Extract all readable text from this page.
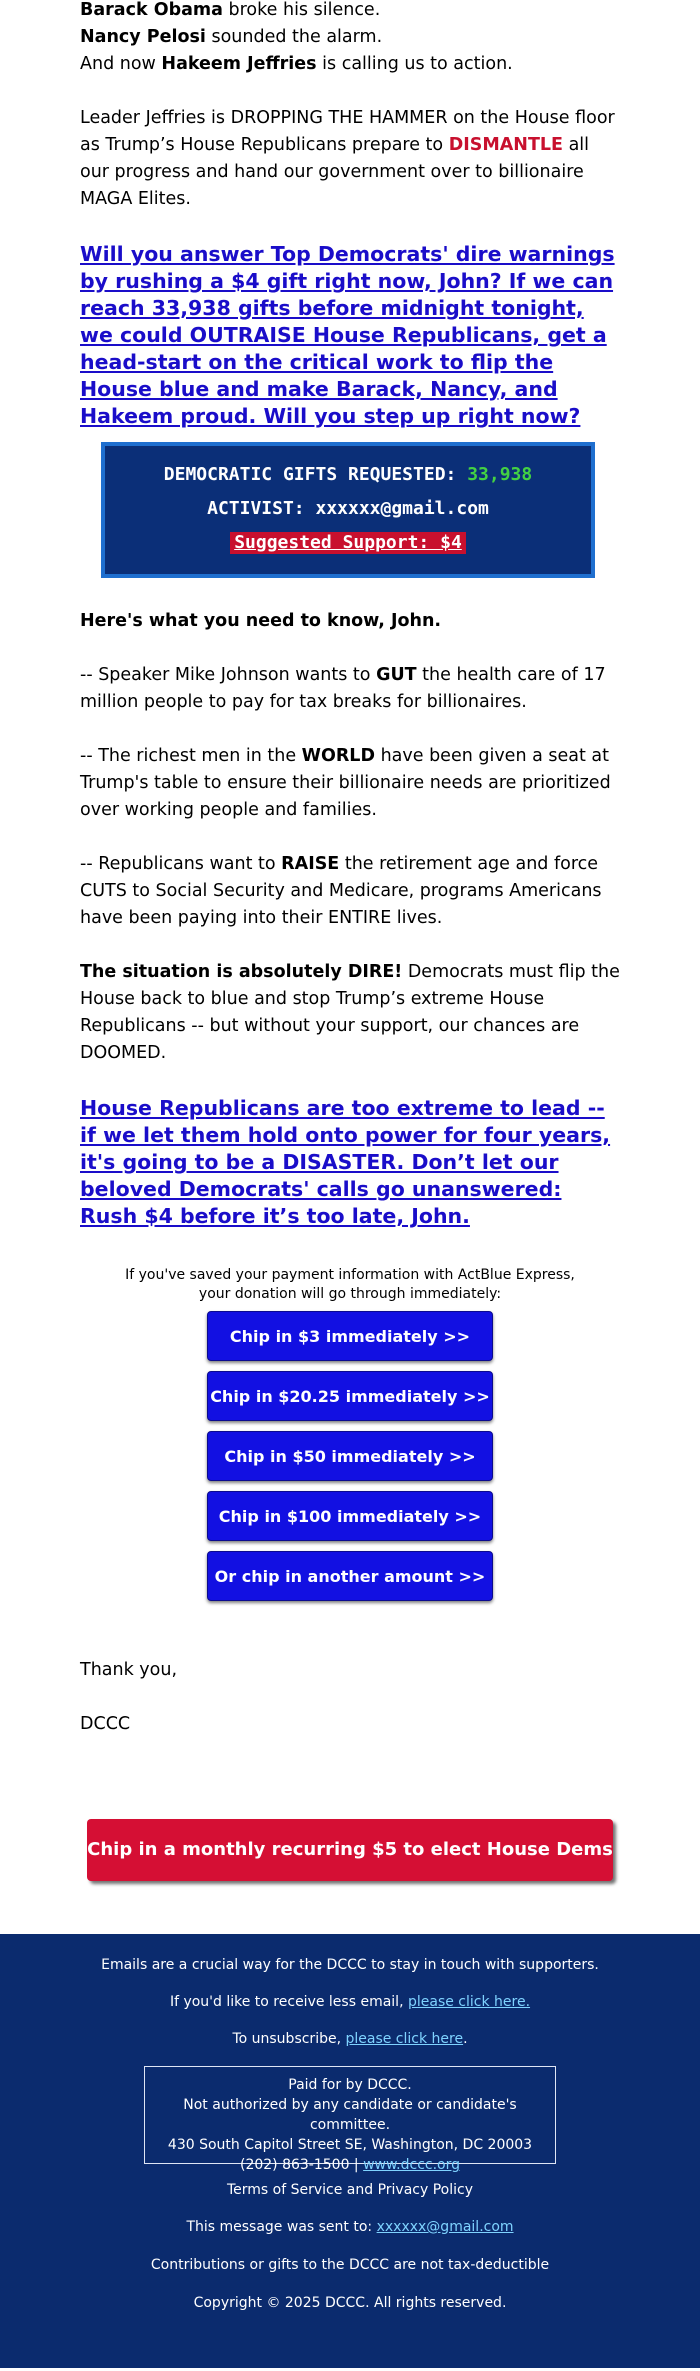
Barack Obama broke his silence.

Nancy Pelosi sounded the alarm.

And now Hakeem Jeffries is calling us to action.

Leader Jeffries is DROPPING THE HAMMER on the House floor as Trump’s House Republicans prepare to DISMANTLE all our progress and hand our government over to billionaire MAGA Elites.

Will you answer Top Democrats' dire warnings by rushing a $4 gift right now, John? If we can reach 33,938 gifts before midnight tonight, we could OUTRAISE House Republicans, get a head-start on the critical work to flip the House blue and make Barack, Nancy, and Hakeem proud. Will you step up right now?
DEMOCRATIC GIFTS REQUESTED: 33,938
ACTIVIST: xxxxxx@gmail.com
Suggested Support: $4

Here's what you need to know, John.

-- Speaker Mike Johnson wants to GUT the health care of 17 million people to pay for tax breaks for billionaires.

-- The richest men in the WORLD have been given a seat at Trump's table to ensure their billionaire needs are prioritized over working people and families.

-- Republicans want to RAISE the retirement age and force CUTS to Social Security and Medicare, programs Americans have been paying into their ENTIRE lives.

The situation is absolutely DIRE! Democrats must flip the House back to blue and stop Trump’s extreme House Republicans -- but without your support, our chances are DOOMED.

House Republicans are too extreme to lead -- if we let them hold onto power for four years, it's going to be a DISASTER. Don’t let our beloved Democrats' calls go unanswered: Rush $4 before it’s too late, John.

If you've saved your payment information with ActBlue Express,

your donation will go through immediately:

Chip in $3 immediately >>
Chip in $20.25 immediately >>
Chip in $50 immediately >>
Chip in $100 immediately >>
Or chip in another amount >>

Thank you,

DCCC

Chip in a monthly recurring $5 to elect House Dems >>

Emails are a crucial way for the DCCC to stay in touch with supporters.

If you'd like to receive less email, please click here.

To unsubscribe, please click here.

Paid for by DCCC.
Not authorized by any candidate or candidate's committee.
430 South Capitol Street SE, Washington, DC 20003
(202) 863-1500 | www.dccc.org

Terms of Service and Privacy Policy

This message was sent to: xxxxxx@gmail.com

Contributions or gifts to the DCCC are not tax-deductible

Copyright © 2025 DCCC. All rights reserved.
